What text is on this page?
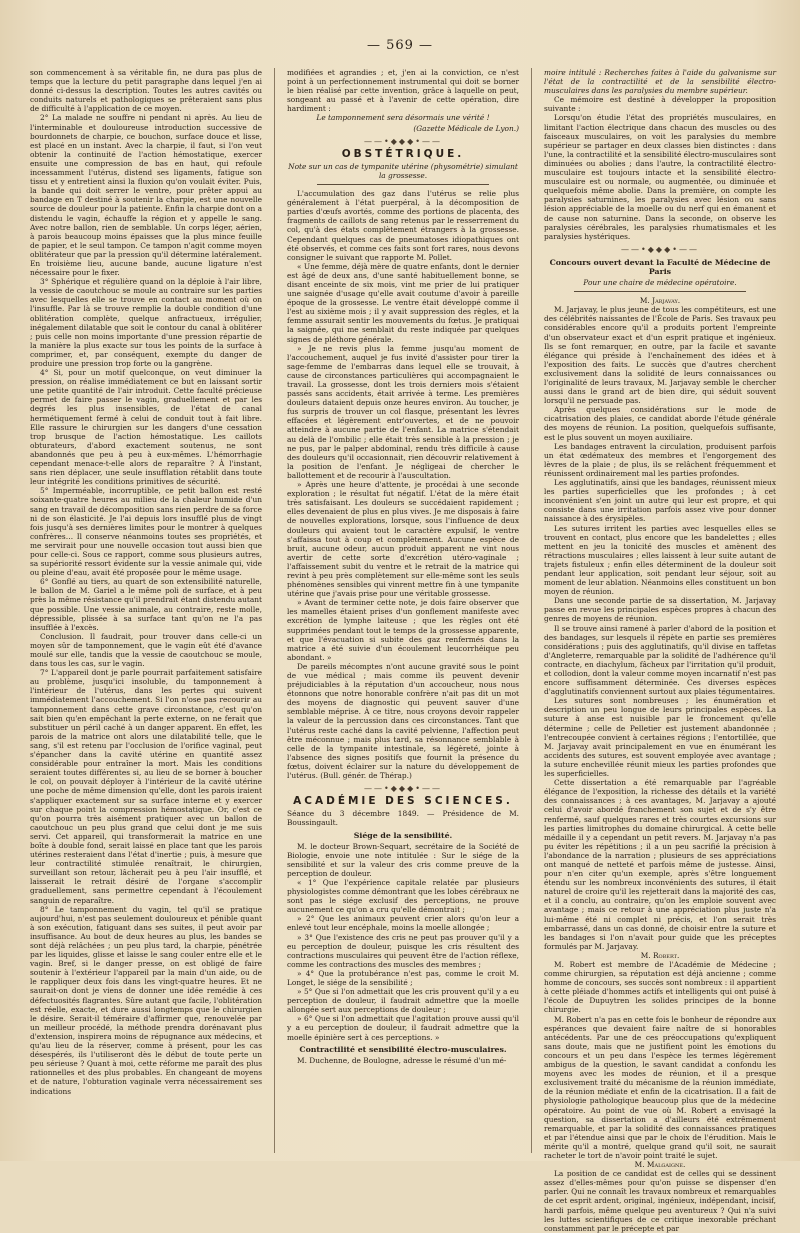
— 569 —

son commencement à sa véritable fin, ne dura pas plus de temps que la lecture du petit paragraphe dans lequel j'en ai donné ci-dessus la description. Toutes les autres cavités ou conduits naturels et pathologiques se prêteraient sans plus de difficulté à l'application de ce moyen.

2° La malade ne souffre ni pendant ni après. Au lieu de l'interminable et douloureuse introduction successive de bourdonnets de charpie, ce bouchon, surface douce et lisse, est placé en un instant. Avec la charpie, il faut, si l'on veut obtenir la continuité de l'action hémostatique, exercer ensuite une compression de bas en haut, qui refoule incessamment l'utérus, distend ses ligaments, fatigue son tissu et y entretient ainsi la fluxion qu'on voulait éviter. Puis, la bande qui doit serrer le ventre, pour prêter appui au bandage en T destiné à soutenir la charpie, est une nouvelle source de douleur pour la patiente. Enfin la charpie dont on a distendu le vagin, échauffe la région et y appelle le sang. Avec notre ballon, rien de semblable. Un corps léger, aérien, à parois beaucoup moins épaisses que la plus mince feuille de papier, et le seul tampon. Ce tampon n'agit comme moyen oblitérateur que par la pression qu'il détermine latéralement. En troisième lieu, aucune bande, aucune ligature n'est nécessaire pour le fixer.

3° Sphérique et régulière quand on la déploie à l'air libre, la vessie de caoutchouc se moule au contraire sur les parties avec lesquelles elle se trouve en contact au moment où on l'insuffle. Par là se trouve remplie la double condition d'une oblitération complète, quelque anfractueux, irrégulier, inégalement dilatable que soit le contour du canal à oblitérer ; puis celle non moins importante d'une pression répartie de la manière la plus exacte sur tous les points de la surface à comprimer, et, par conséquent, exempte du danger de produire une pression trop forte ou la gangrène.

4° Si, pour un motif quelconque, on veut diminuer la pression, on réalise immédiatement ce but en laissant sortir une petite quantité de l'air introduit. Cette faculté précieuse permet de faire passer le vagin, graduellement et par les degrés les plus insensibles, de l'état de canal hermétiquement fermé à celui de conduit tout à fait libre. Elle rassure le chirurgien sur les dangers d'une cessation trop brusque de l'action hémostatique. Les caillots obturateurs, d'abord exactement soutenus, ne sont abandonnés que peu à peu à eux-mêmes. L'hémorrhagie cependant menace-t-elle alors de reparaître ? À l'instant, sans rien déplacer, une seule insufflation rétablit dans toute leur intégrité les conditions primitives de sécurité.

5° Imperméable, incorruptible, ce petit ballon est resté soixante-quatre heures au milieu de la chaleur humide d'un sang en travail de décomposition sans rien perdre de sa force ni de son élasticité. Je l'ai depuis lors insufflé plus de vingt fois jusqu'à ses dernières limites pour le montrer à quelques confrères… Il conserve néanmoins toutes ses propriétés, et me servirait pour une nouvelle occasion tout aussi bien que pour celle-ci. Sous ce rapport, comme sous plusieurs autres, sa supériorité ressort évidente sur la vessie animale qui, vide ou pleine d'eau, avait été proposée pour le même usage.

6° Gonflé au tiers, au quart de son extensibilité naturelle, le ballon de M. Gariel a le même poli de surface, et à peu près la même résistance qu'il prendrait étant distendu autant que possible. Une vessie animale, au contraire, reste molle, dépressible, plissée à sa surface tant qu'on ne l'a pas insufflée à l'excès.

Conclusion. Il faudrait, pour trouver dans celle-ci un moyen sûr de tamponnement, que le vagin eût été d'avance moulé sur elle, tandis que la vessie de caoutchouc se moule, dans tous les cas, sur le vagin.

7° L'appareil dont je parle pourrait parfaitement satisfaire au problème, jusqu'ici insoluble, du tamponnement à l'intérieur de l'utérus, dans les pertes qui suivent immédiatement l'accouchement. Si l'on n'ose pas recourir au tamponnement dans cette grave circonstance, c'est qu'on sait bien qu'en empêchant la perte externe, on ne ferait que substituer un péril caché à un danger apparent. En effet, les parois de la matrice ont alors une dilatabilité telle, que le sang, s'il est retenu par l'occlusion de l'orifice vaginal, peut s'épancher dans la cavité utérine en quantité assez considérable pour entraîner la mort. Mais les conditions seraient toutes différentes si, au lieu de se borner à boucher le col, on pouvait déployer à l'intérieur de la cavité utérine une poche de même dimension qu'elle, dont les parois iraient s'appliquer exactement sur sa surface interne et y exercer sur chaque point la compression hémostatique. Or, c'est ce qu'on pourra très aisément pratiquer avec un ballon de caoutchouc un peu plus grand que celui dont je me suis servi. Cet appareil, qui transformerait la matrice en une boîte à double fond, serait laissé en place tant que les parois utérines resteraient dans l'état d'inertie ; puis, à mesure que leur contractilité stimulée renaîtrait, le chirurgien, surveillant son retour, lâcherait peu à peu l'air insufflé, et laisserait le retrait désiré de l'organe s'accomplir graduellement, sans permettre cependant à l'écoulement sanguin de reparaître.

8° Le tamponnement du vagin, tel qu'il se pratique aujourd'hui, n'est pas seulement douloureux et pénible quant à son exécution, fatiguant dans ses suites, il peut avoir par insuffisance. Au bout de deux heures au plus, les bandes se sont déjà relâchées ; un peu plus tard, la charpie, pénétrée par les liquides, glisse et laisse le sang couler entre elle et le vagin. Bref, si le danger presse, on est obligé de faire soutenir à l'extérieur l'appareil par la main d'un aide, ou de le rappliquer deux fois dans les vingt-quatre heures. Et ne saurait-on dont je viens de donner une idée remédie à ces défectuosités flagrantes. Sûre autant que facile, l'oblitération est réelle, exacte, et dure aussi longtemps que le chirurgien le désire. Serait-il téméraire d'affirmer que, renouvelée par un meilleur procédé, la méthode prendra dorénavant plus d'extension, inspirera moins de répugnance aux médecins, et qu'au lieu de la réserver, comme à présent, pour les cas désespérés, ils l'utiliseront dès le début de toute perte un peu sérieuse ? Quant à moi, cette réforme me paraît des plus rationnelles et des plus probables. En changeant de moyens et de nature, l'obturation vaginale verra nécessairement ses indications

modifiées et agrandies ; et, j'en ai la conviction, ce n'est point à un perfectionnement instrumental qui doit se borner le bien réalisé par cette invention, grâce à laquelle on peut, songeant au passé et à l'avenir de cette opération, dire hardiment :

Le tamponnement sera désormais une vérité !

(Gazette Médicale de Lyon.)
——•◆◆◆•——
OBSTÉTRIQUE.

Note sur un cas de tympanite utérine (physométrie) simulant la grossesse.

L'accumulation des gaz dans l'utérus se relie plus généralement à l'état puerpéral, à la décomposition de parties d'œufs avortés, comme des portions de placenta, des fragments de caillots de sang retenus par le resserrement du col, qu'à des états complètement étrangers à la grossesse. Cependant quelques cas de pneumatoses idiopathiques ont été observés, et comme ces faits sont fort rares, nous devons consigner le suivant que rapporte M. Pollet.

« Une femme, déjà mère de quatre enfants, dont le dernier est âgé de deux ans, d'une santé habituellement bonne, se disant enceinte de six mois, vint me prier de lui pratiquer une saignée d'usage qu'elle avait coutume d'avoir à pareille époque de la grossesse. Le ventre était développé comme il l'est au sixième mois ; il y avait suppression des règles, et la femme assurait sentir les mouvements du fœtus. Je pratiquai la saignée, qui me semblait du reste indiquée par quelques signes de pléthore générale.

» Je ne revis plus la femme jusqu'au moment de l'accouchement, auquel je fus invité d'assister pour tirer la sage-femme de l'embarras dans lequel elle se trouvait, à cause de circonstances particulières qui accompagnaient le travail. La grossesse, dont les trois derniers mois s'étaient passés sans accidents, était arrivée à terme. Les premières douleurs dataient depuis onze heures environ. Au toucher, je fus surpris de trouver un col flasque, présentant les lèvres effacées et légèrement entr'ouvertes, et de ne pouvoir atteindre à aucune partie de l'enfant. La matrice s'étendait au delà de l'ombilic ; elle était très sensible à la pression ; je ne pus, par le palper abdominal, rendu très difficile à cause des douleurs qu'il occasionnait, rien découvrir relativement à la position de l'enfant. Je négligeai de chercher le ballottement et de recourir à l'auscultation.

» Après une heure d'attente, je procédai à une seconde exploration ; le résultat fut négatif. L'état de la mère était très satisfaisant. Les douleurs se succédaient rapidement ; elles devenaient de plus en plus vives. Je me disposais à faire de nouvelles explorations, lorsque, sous l'influence de deux douleurs qui avaient tout le caractère expulsif, le ventre s'affaissa tout à coup et complètement. Aucune espèce de bruit, aucune odeur, aucun produit apparent ne vint nous avertir de cette sorte d'excrétion utéro-vaginale ; l'affaissement subit du ventre et le retrait de la matrice qui revint à peu près complètement sur elle-même sont les seuls phénomènes sensibles qui vinrent mettre fin à une tympanite utérine que j'avais prise pour une véritable grossesse.

» Avant de terminer cette note, je dois faire observer que les mamelles étaient prises d'un gonflement manifeste avec excrétion de lymphe laiteuse ; que les règles ont été supprimées pendant tout le temps de la grossesse apparente, et que l'évacuation si subite des gaz renfermés dans la matrice a été suivie d'un écoulement leucorrhéique peu abondant. »

De pareils mécomptes n'ont aucune gravité sous le point de vue médical ; mais comme ils peuvent devenir préjudiciables à la réputation d'un accoucheur, nous nous étonnons que notre honorable confrère n'ait pas dit un mot des moyens de diagnostic qui peuvent sauver d'une semblable méprise. À ce titre, nous croyons devoir rappeler la valeur de la percussion dans ces circonstances. Tant que l'utérus reste caché dans la cavité pelvienne, l'affection peut être méconnue ; mais plus tard, sa résonnance semblable à celle de la tympanite intestinale, sa légèreté, jointe à l'absence des signes positifs que fournit la présence du fœtus, doivent éclairer sur la nature du développement de l'utérus. (Bull. génér. de Thérap.)

——•◆◆◆•——
ACADÉMIE DES SCIENCES.

Séance du 3 décembre 1849. — Présidence de M. Boussingault.

Siége de la sensibilité.

M. le docteur Brown-Sequart, secrétaire de la Société de Biologie, envoie une note intitulée : Sur le siége de la sensibilité et sur la valeur des cris comme preuve de la perception de douleur.

« 1° Que l'expérience capitale relatée par plusieurs physiologistes comme démontrant que les lobes cérébraux ne sont pas le siége exclusif des perceptions, ne prouve aucunement ce qu'on a cru qu'elle démontrait ;

» 2° Que les animaux peuvent crier alors qu'on leur a enlevé tout leur encéphale, moins la moelle allongée ;

» 3° Que l'existence des cris ne peut pas prouver qu'il y a eu perception de douleur, puisque les cris résultent des contractions musculaires qui peuvent être de l'action réflexe, comme les contractions des muscles des membres ;

» 4° Que la protubérance n'est pas, comme le croit M. Longet, le siége de la sensibilité ;

» 5° Que si l'on admettait que les cris prouvent qu'il y a eu perception de douleur, il faudrait admettre que la moelle allongée sert aux perceptions de douleur ;

» 6° Que si l'on admettait que l'agitation prouve aussi qu'il y a eu perception de douleur, il faudrait admettre que la moelle épinière sert à ces perceptions. »

Contractilité et sensibilité électro-musculaires.

M. Duchenne, de Boulogne, adresse le résumé d'un mé-

moire intitulé : Recherches faites à l'aide du galvanisme sur l'état de la contractilité et de la sensibilité électro-musculaires dans les paralysies du membre supérieur.

Ce mémoire est destiné à développer la proposition suivante :

Lorsqu'on étudie l'état des propriétés musculaires, en limitant l'action électrique dans chacun des muscles ou des faisceaux musculaires, on voit les paralysies du membre supérieur se partager en deux classes bien distinctes : dans l'une, la contractilité et la sensibilité électro-musculaires sont diminuées ou abolies ; dans l'autre, la contractilité électro-musculaire est toujours intacte et la sensibilité électro-musculaire est ou normale, ou augmentée, ou diminuée et quelquefois même abolie. Dans la première, on compte les paralysies saturnines, les paralysies avec lésion ou sans lésion appréciable de la moelle ou du nerf qui en émanent et de cause non saturnine. Dans la seconde, on observe les paralysies cérébrales, les paralysies rhumatismales et les paralysies hystériques.

——•◆◆◆•——
Concours ouvert devant la Faculté de Médecine de Paris

Pour une chaire de médecine opératoire.

M. Jarjavay.

M. Jarjavay, le plus jeune de tous les compétiteurs, est une des célébrités naissantes de l'École de Paris. Ses travaux peu considérables encore qu'il a produits portent l'empreinte d'un observateur exact et d'un esprit pratique et ingénieux. Ils se font remarquer, en outre, par la facile et savante élégance qui préside à l'enchaînement des idées et à l'exposition des faits. Le succès que d'autres cherchent exclusivement dans la solidité de leurs connaissances ou l'originalité de leurs travaux, M. Jarjavay semble le chercher aussi dans le grand art de bien dire, qui séduit souvent lorsqu'il ne persuade pas.

Après quelques considérations sur le mode de cicatrisation des plaies, ce candidat aborde l'étude générale des moyens de réunion. La position, quelquefois suffisante, est le plus souvent un moyen auxiliaire.

Les bandages entravent la circulation, produisent parfois un état œdémateux des membres et l'engorgement des lèvres de la plaie ; de plus, ils se relâchent fréquemment et réunissent ordinairement mal les parties profondes.

Les agglutinatifs, ainsi que les bandages, réunissent mieux les parties superficielles que les profondes ; à cet inconvénient s'en joint un autre qui leur est propre, et qui consiste dans une irritation parfois assez vive pour donner naissance à des érysipèles.

Les sutures irritent les parties avec lesquelles elles se trouvent en contact, plus encore que les bandelettes ; elles mettent en jeu la tonicité des muscles et amènent des rétractions musculaires ; elles laissent à leur suite autant de trajets fistuleux ; enfin elles déterminent de la douleur soit pendant leur application, soit pendant leur séjour, soit au moment de leur ablation. Néanmoins elles constituent un bon moyen de réunion.

Dans une seconde partie de sa dissertation, M. Jarjavay passe en revue les principales espèces propres à chacun des genres de moyens de réunion.

Il se trouve ainsi ramené à parler d'abord de la position et des bandages, sur lesquels il répète en partie ses premières considérations ; puis des agglutinatifs, qu'il divise en taffetas d'Angleterre, remarquable par la solidité de l'adhérence qu'il contracte, en diachylum, fâcheux par l'irritation qu'il produit, et collodion, dont la valeur comme moyen incarnatif n'est pas encore suffisamment déterminée. Ces diverses espèces d'agglutinatifs conviennent surtout aux plaies tégumentaires.

Les sutures sont nombreuses ; les énumération et description un peu longue de leurs principales espèces. La suture à anse est nuisible par le froncement qu'elle détermine ; celle de Pelletier est justement abandonnée ; l'entrecoupée convient à certaines régions ; l'entortillée, que M. Jarjavay avait principalement en vue en énumérant les accidents des sutures, est souvent employée avec avantage ; la suture enchevillée réunit mieux les parties profondes que les superficielles.

Cette dissertation a été remarquable par l'agréable élégance de l'exposition, la richesse des détails et la variété des connaissances ; à ces avantages, M. Jarjavay a ajouté celui d'avoir abordé franchement son sujet et de s'y être renfermé, sauf quelques rares et très courtes excursions sur les parties limitrophes du domaine chirurgical. À cette belle médaille il y a cependant un petit revers. M. Jarjavay n'a pas pu éviter les répétitions ; il a un peu sacrifié la précision à l'abondance de la narration ; plusieurs de ses appréciations ont manqué de netteté et parfois même de justesse. Ainsi, pour n'en citer qu'un exemple, après s'être longuement étendu sur les nombreux inconvénients des sutures, il était naturel de croire qu'il les rejetterait dans la majorité des cas, et il a conclu, au contraire, qu'on les emploie souvent avec avantage ; mais ce retour à une appréciation plus juste n'a lui-même été ni complet ni précis, et l'on serait très embarrassé, dans un cas donné, de choisir entre la suture et les bandages si l'on n'avait pour guide que les préceptes formulés par M. Jarjavay.

M. Robert.

M. Robert est membre de l'Académie de Médecine ; comme chirurgien, sa réputation est déjà ancienne ; comme homme de concours, ses succès sont nombreux : il appartient à cette pléiade d'hommes actifs et intelligents qui ont puisé à l'école de Dupuytren les solides principes de la bonne chirurgie.

M. Robert n'a pas en cette fois le bonheur de répondre aux espérances que devaient faire naître de si honorables antécédents. Par une de ces préoccupations qu'expliquent sans doute, mais que ne justifient point les émotions du concours et un peu dans l'espèce les termes légèrement ambigus de la question, le savant candidat a confondu les moyens avec les modes de réunion, et il a presque exclusivement traité du mécanisme de la réunion immédiate, de la réunion médiate et enfin de la cicatrisation. Il a fait de physiologie pathologique beaucoup plus que de la médecine opératoire. Au point de vue où M. Robert a envisagé la question, sa dissertation a d'ailleurs été extrêmement remarquable, et par la solidité des connaissances pratiques et par l'étendue ainsi que par le choix de l'érudition. Mais le mérite qu'il a montré, quelque grand qu'il soit, ne saurait racheter le tort de n'avoir point traité le sujet.

M. Malgaigne.

La position de ce candidat est de celles qui se dessinent assez d'elles-mêmes pour qu'on puisse se dispenser d'en parler. Qui ne connaît les travaux nombreux et remarquables de cet esprit ardent, original, ingénieux, indépendant, incisif, hardi parfois, même quelque peu aventureux ? Qui n'a suivi les luttes scientifiques de ce critique inexorable préchant constamment par le précepte et par
